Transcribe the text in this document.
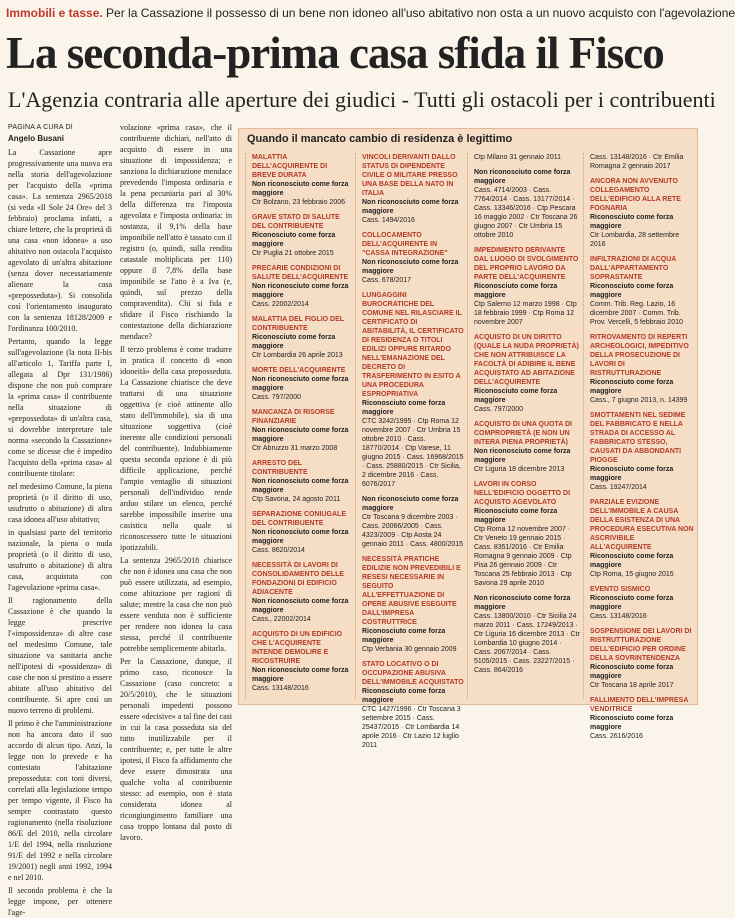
Immobili e tasse. Per la Cassazione il possesso di un bene non idoneo all'uso abitativo non osta a un nuovo acquisto con l'agevolazione
La seconda-prima casa sfida il Fisco
L'Agenzia contraria alle aperture dei giudici - Tutti gli ostacoli per i contribuenti
PAGINA A CURA DI
Angelo Busani

La Cassazione apre progressivamente una nuova era nella storia dell'agevolazione per l'acquisto della «prima casa». La sentenza 2965/2018 (si veda «Il Sole 24 Ore» del 3 febbraio) proclama infatti, a chiare lettere, che la proprietà di una casa «non idonea» a uso abitativo non ostacola l'acquisto agevolato di un'altra abitazione (senza dover necessariamente alienare la casa «preposseduta»). Si consolida così l'orientamento inaugurato con la sentenza 18128/2009 e l'ordinanza 100/2010.

Pertanto, quando la legge sull'agevolazione (la nota II-bis all'articolo 1, Tariffa parte I, allegata al Dpr 131/1986) dispone che non può comprare la «prima casa» il contribuente nella situazione di «preposseduta» di un'altra casa, si dovrebbe interpretare tale norma «secondo la Cassazione» come se dicesse che è impedito l'acquisto della «prima casa» al contribuente titolare:

nel medesimo Comune, la piena proprietà (o il diritto di uso, usufrutto o abitazione) di altra casa idonea all'uso abitativo;

in qualsiasi parte del territorio nazionale, la piena o nuda proprietà (o il diritto di uso, usufrutto o abitazione) di altra casa, acquistata con l'agevolazione «prima casa».

Il ragionamento della Cassazione è che quando la legge prescrive l'«impossidenza» di altre case nel medesimo Comune, tale situazione va sanitaria anche nell'ipotesi di «possidenza» di case che non si prestino a essere abitate all'uso abitativo del contribuente. Si apre così un nuovo terreno di problemi.

Il primo è che l'amministrazione non ha ancora dato il suo accordo di alcun tipo. Anzi, la legge non lo prevede e ha contestato l'abitazione preposseduta: con toni diversi, correlati alla legislazione tempo per tempo vigente, il Fisco ha sempre contrastato questo ragionamento (nella risoluzione 86/E del 2010, nella circolare 1/E del 1994, nella risoluzione 91/E del 1992 e nella circolare 19/2001) negli anni 1992, 1994 e nel 2010.

Il secondo problema è che la legge impone, per ottenere l'age-

volazione «prima casa», che il contribuente dichiari, nell'atto di acquisto di essere in una situazione di impossidenza; e sanziona la dichiarazione mendace prevedendo l'imposta ordinaria e la pena pecuniaria pari al 30% della differenza tra l'imposta agevolata e l'imposta ordinaria: in sostanza, il 9,1% della base imponibile nell'atto è tassato con il registro (o, quindi, sulla rendita catastale moltiplicata per 110) oppure il 7,8% della base imponibile se l'atto è a Iva (e, quindi, sul prezzo della compravendita). Chi si fida e sfidare il Fisco rischiando la contestazione della dichiarazione mendace?

Il terzo problema è come tradurre in pratica il concetto di «non idoneità» della casa preposseduta. La Cassazione chiarisce che deve trattarsi di una situazione oggettiva (e cioè attinente allo stato dell'immobile), sia di una situazione soggettiva (cioè inerente alle condizioni personali del contribuente). Indubbiamente questa seconda opzione è di più difficile applicazione, perché l'ampio ventaglio di situazioni personali dell'individuo rende arduo stilare un elenco, perché sarebbe impossibile inserire una casistica nella quale si riconoscessero tutte le situazioni ipotizzabili.

La sentenza 2965/2018 chiarisce che non è idonea una casa che non può essere utilizzata, ad esempio, come abitazione per ragioni di salute; mentre la casa che non può essere venduta non è sufficiente per rendere non idonea la casa stessa, perché il contribuente potrebbe semplicemente abitarla.

Per la Cassazione, dunque, il primo caso, riconosce la Cassazione (caso concreto: a 20/5/2010), che le situazioni personali impedenti possono essere «decisive» a tal fine dei casi in cui la casa posseduta sia del tutto inutilizzabile per il contribuente; e, per tutte le altre ipotesi, il Fisco fa affidamento che deve essere dimostrata una qualche volta al contribuente stesso: ad esempio, non è stata considerata idonea al ricongiungimento familiare una casa troppo lontana dal posto di lavoro.

Quando il mancato cambio di residenza è legittimo
MALATTIA DELL'ACQUIRENTE DI BREVE DURATA
Non riconosciuto come forza maggiore
Ctr Bolzano, 23 febbraio 2006
GRAVE STATO DI SALUTE DEL CONTRIBUENTE
Riconosciuto come forza maggiore
Ctr Puglia 21 ottobre 2015
PRECARIE CONDIZIONI DI SALUTE DELL'ACQUIRENTE
Non riconosciuto come forza maggiore
Cass. 22002/2014
MALATTIA DEL FIGLIO DEL CONTRIBUENTE
Riconosciuto come forza maggiore
Ctr Lombardia 26 aprile 2013
MORTE DELL'ACQUIRENTE
Non riconosciuto come forza maggiore
Cass. 797/2000
MANCANZA DI RISORSE FINANZIARIE
Non riconosciuto come forza maggiore
Ctr Abruzzo 31 marzo 2008
ARRESTO DEL CONTRIBUENTE
Non riconosciuto come forza maggiore
Ctp Savona, 24 agosto 2011
SEPARAZIONE CONIUGALE DEL CONTRIBUENTE
Non riconosciuto come forza maggiore
Cass. 8620/2014
NECESSITÀ DI LAVORI DI CONSOLIDAMENTO DELLE FONDAZIONI DI EDIFICIO ADIACENTE
Non riconosciuto come forza maggiore
Cass., 22002/2014
ACQUISTO DI UN EDIFICIO CHE L'ACQUIRENTE INTENDE DEMOLIRE E RICOSTRUIRE
Non riconosciuto come forza maggiore
Cass. 13148/2016
VINCOLI DERIVANTI DALLO STATUS DI DIPENDENTE CIVILE O MILITARE PRESSO UNA BASE DELLA NATO IN ITALIA
Non riconosciuto come forza maggiore
Cass. 1494/2016
COLLOCAMENTO DELL'ACQUIRENTE IN "CASSA INTEGRAZIONE"
Non riconosciuto come forza maggiore
Cass. 678/2017
LUNGAGGINI BUROCRATICHE DEL COMUNE NEL RILASCIARE IL CERTIFICATO DI ABITABILITÀ, IL CERTIFICATO DI RESIDENZA O TITOLI EDILIZI OPPURE RITARDO NELL'EMANAZIONE DEL DECRETO DI TRASFERIMENTO IN ESITO A UNA PROCEDURA ESPROPRIATIVA
Riconosciuto come forza maggiore
CTC 3242/1995 · Ctp Roma 12 novembre 2007 · Ctr Umbria 15 ottobre 2010 · Cass. 18770/2014 · Ctp Varese, 11 giugno 2015 · Cass. 16968/2015 · Cass. 25880/2015 · Ctr Sicilia, 2 dicembre 2016 · Cass. 6076/2017
Non riconosciuto come forza maggiore
Ctr Toscana 9 dicembre 2003 · Cass. 20066/2005 · Cass. 4323/2009 · Ctp Aosta 24 gennaio 2011 · Cass. 4800/2015
NECESSITÀ PRATICHE EDILIZIE NON PREVEDIBILI E RESESI NECESSARIE IN SEGUITO ALL'EFFETTUAZIONE DI OPERE ABUSIVE ESEGUITE DALL'IMPRESA COSTRUTTRICE
Riconosciuto come forza maggiore
Ctp Verbania 30 gennaio 2009
STATO LOCATIVO O DI OCCUPAZIONE ABUSIVA DELL'IMMOBILE ACQUISTATO
Riconosciuto come forza maggiore
CTC 1427/1996 · Ctr Toscana 3 settembre 2015 · Cass. 25437/2015 · Ctr Lombardia 14 aprile 2016 · Ctr Lazio 12 luglio 2011
Ctp Milano 31 gennaio 2011
Non riconosciuto come forza maggiore
Cass. 4714/2003 · Cass. 7764/2014 · Cass. 13177/2014 · Cass. 13346/2016 · Ctp Pescara 16 maggio 2002 · Ctr Toscana 26 giugno 2007 · Ctr Umbria 15 ottobre 2010
IMPEDIMENTO DERIVANTE DAL LUOGO DI SVOLGIMENTO DEL PROPRIO LAVORO DA PARTE DELL'ACQUIRENTE
Riconosciuto come forza maggiore
Ctp Salerno 12 marzo 1998 · Ctp 18 febbraio 1999 · Ctp Roma 12 novembre 2007
ACQUISTO DI UN DIRITTO (QUALE LA NUDA PROPRIETÀ) CHE NON ATTRIBUISCE LA FACOLTÀ DI ADIBIRE IL BENE ACQUISTATO AD ABITAZIONE DELL'ACQUIRENTE
Riconosciuto come forza maggiore
Cass. 797/2000
ACQUISTO DI UNA QUOTA DI COMPROPRIETÀ (E NON UN INTERA PIENA PROPRIETÀ)
Non riconosciuto come forza maggiore
Ctr Liguria 18 dicembre 2013
LAVORI IN CORSO NELL'EDIFICIO OGGETTO DI ACQUISTO AGEVOLATO
Riconosciuto come forza maggiore
Ctp Roma 12 novembre 2007 · Ctr Veneto 19 gennaio 2015 · Cass. 8351/2016 · Ctr Emilia Romagna 9 gennaio 2009 · Ctp Pisa 26 gennaio 2009 · Ctr Toscana 25 febbraio 2013 · Ctp Savona 29 aprile 2010
Non riconosciuto come forza maggiore
Cass. 13800/2010 · Ctr Sicilia 24 marzo 2011 · Cass. 17249/2013 · Ctr Liguria 16 dicembre 2013 · Ctr Lombardia 10 giugno 2014 · Cass. 2067/2014 · Cass. 5105/2015 · Cass. 23227/2015 · Cass. 864/2016
Cass. 13148/2016 · Ctr Emilia Romagna 2 gennaio 2017
ANCORA NON AVVENUTO COLLEGAMENTO DELL'EDIFICIO ALLA RETE FOGNARIA
Riconosciuto come forza maggiore
Ctr Lombardia, 28 settembre 2016
INFILTRAZIONI DI ACQUA DALL'APPARTAMENTO SOPRASTANTE
Riconosciuto come forza maggiore
Comm. Trib. Reg. Lazio, 16 dicembre 2007 · Comm. Trib. Prov. Vercelli, 5 febbraio 2010
RITROVAMENTO DI REPERTI ARCHEOLOGICI, IMPEDITIVO DELLA PROSECUZIONE DI LAVORI DI RISTRUTTURAZIONE
Riconosciuto come forza maggiore
Cass., 7 giugno 2013, n. 14399
SMOTTAMENTI NEL SEDIME DEL FABBRICATO E NELLA STRADA DI ACCESSO AL FABBRICATO STESSO, CAUSATI DA ABBONDANTI PIOGGE
Riconosciuto come forza maggiore
Cass. 19247/2014
PARZIALE EVIZIONE DELL'IMMOBILE A CAUSA DELLA ESISTENZA DI UNA PROCEDURA ESECUTIVA NON ASCRIVIBILE ALL'ACQUIRENTE
Riconosciuto come forza maggiore
Ctp Roma, 15 giugno 2015
EVENTO SISMICO
Riconosciuto come forza maggiore
Cass. 13148/2016
SOSPENSIONE DEI LAVORI DI RISTRUTTURAZIONE DELL'EDIFICIO PER ORDINE DELLA SOVRINTENDENZA
Riconosciuto come forza maggiore
Ctr Toscana 18 aprile 2017
FALLIMENTO DELL'IMPRESA VENDITRICE
Riconosciuto come forza maggiore
Cass. 2616/2016
